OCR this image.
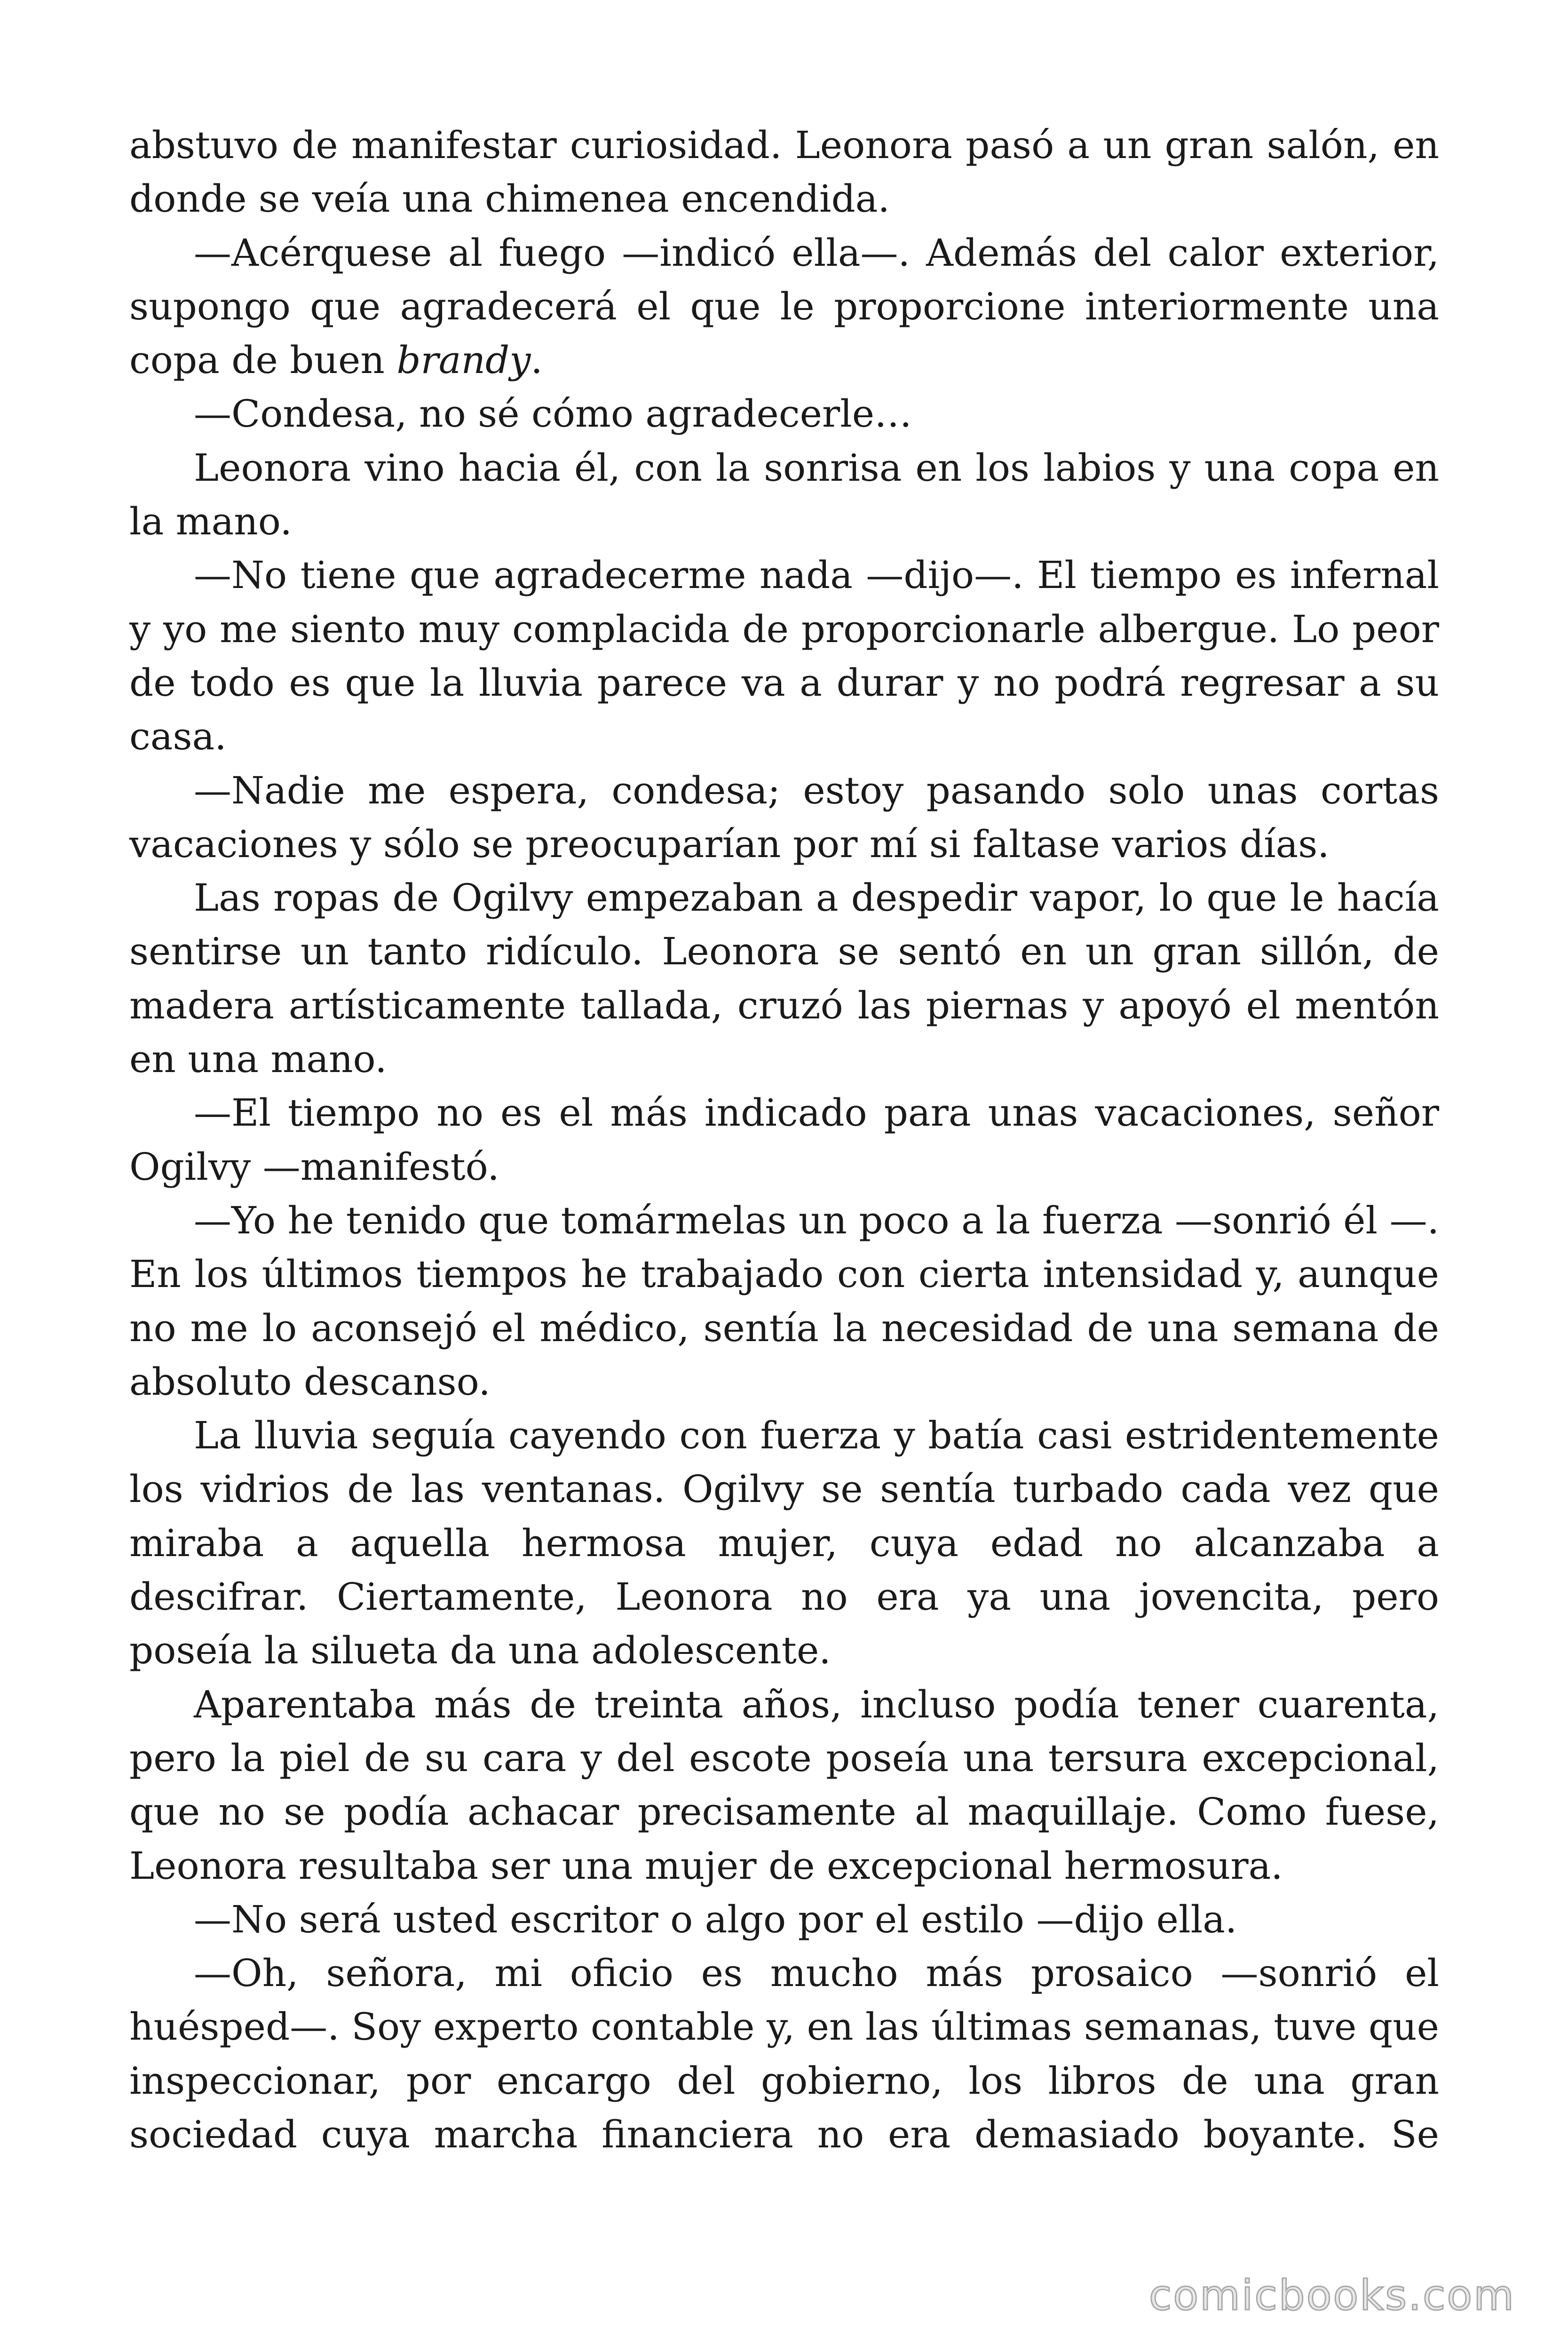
abstuvo de manifestar curiosidad. Leonora pasó a un gran salón, en donde se veía una chimenea encendida.

—Acérquese al fuego —indicó ella—. Además del calor exterior, supongo que agradecerá el que le proporcione interiormente una copa de buen brandy.

—Condesa, no sé cómo agradecerle…

Leonora vino hacia él, con la sonrisa en los labios y una copa en la mano.

—No tiene que agradecerme nada —dijo—. El tiempo es infernal y yo me siento muy complacida de proporcionarle albergue. Lo peor de todo es que la lluvia parece va a durar y no podrá regresar a su casa.

—Nadie me espera, condesa; estoy pasando solo unas cortas vacaciones y sólo se preocuparían por mí si faltase varios días.

Las ropas de Ogilvy empezaban a despedir vapor, lo que le hacía sentirse un tanto ridículo. Leonora se sentó en un gran sillón, de madera artísticamente tallada, cruzó las piernas y apoyó el mentón en una mano.

—El tiempo no es el más indicado para unas vacaciones, señor Ogilvy —manifestó.

—Yo he tenido que tomármelas un poco a la fuerza —sonrió él —. En los últimos tiempos he trabajado con cierta intensidad y, aunque no me lo aconsejó el médico, sentía la necesidad de una semana de absoluto descanso.

La lluvia seguía cayendo con fuerza y batía casi estridentemente los vidrios de las ventanas. Ogilvy se sentía turbado cada vez que miraba a aquella hermosa mujer, cuya edad no alcanzaba a descifrar. Ciertamente, Leonora no era ya una jovencita, pero poseía la silueta da una adolescente.

Aparentaba más de treinta años, incluso podía tener cuarenta, pero la piel de su cara y del escote poseía una tersura excepcional, que no se podía achacar precisamente al maquillaje. Como fuese, Leonora resultaba ser una mujer de excepcional hermosura.

—No será usted escritor o algo por el estilo —dijo ella.

—Oh, señora, mi oficio es mucho más prosaico —sonrió el huésped—. Soy experto contable y, en las últimas semanas, tuve que inspeccionar, por encargo del gobierno, los libros de una gran sociedad cuya marcha financiera no era demasiado boyante. Se

comicbooks.com
